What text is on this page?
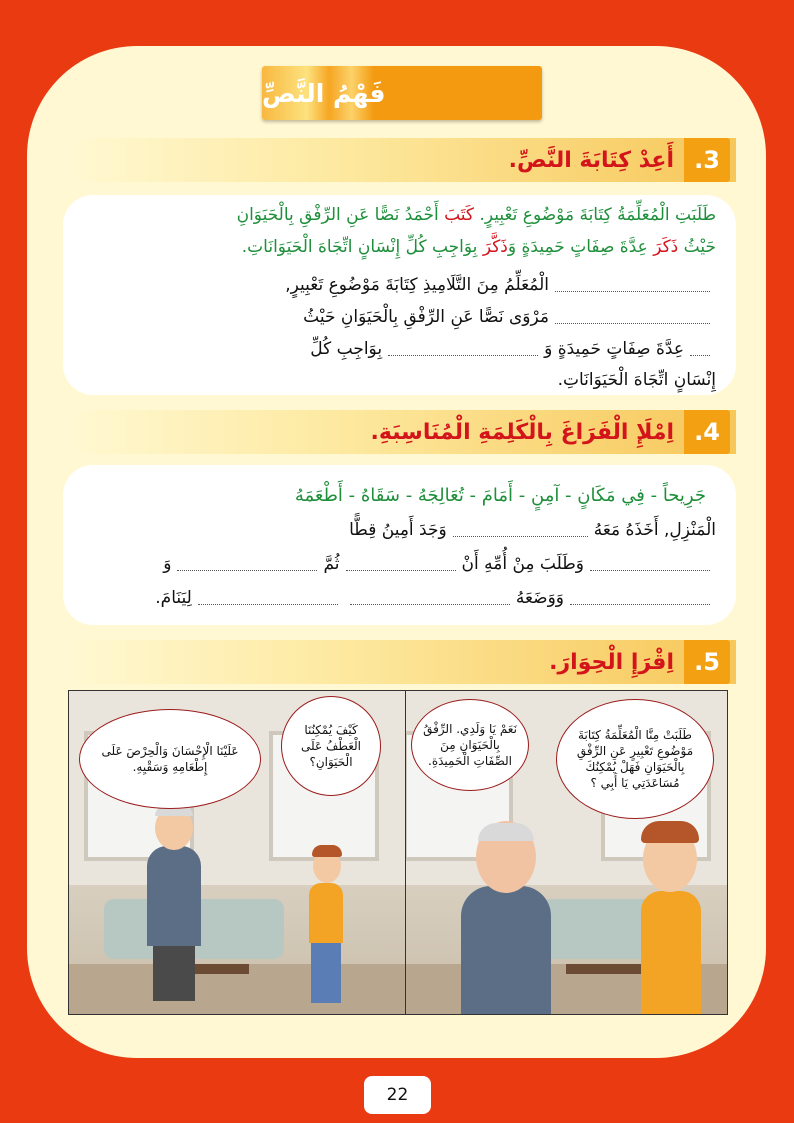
فَهْمُ النَّصِّ
3.
أَعِدْ كِتَابَةَ النَّصِّ.
طَلَبَتِ الْمُعَلِّمَةُ كِتَابَةَ مَوْضُوعِ تَعْبِيرٍ. كَتَبَ أَحْمَدُ نَصًّا عَنِ الرِّفْقِ بِالْحَيَوَانِ
حَيْثُ ذَكَرَ عِدَّةَ صِفَاتٍ حَمِيدَةٍ وَذَكَّرَ بِوَاجِبِ كُلِّ إِنْسَانٍ اتِّجَاهَ الْحَيَوَانَاتِ.
الْمُعَلِّمُ مِنَ التَّلَامِيذِ كِتَابَةَ مَوْضُوعِ تَعْبِيرٍ,
مَرْوَى نَصًّا عَنِ الرِّفْقِ بِالْحَيَوَانِ حَيْثُ
عِدَّةَ صِفَاتٍ حَمِيدَةٍ وَبِوَاجِبِ كُلِّ
إِنْسَانٍ اتِّجَاهَ الْحَيَوَانَاتِ.
4.
اِمْلَإِ الْفَرَاغَ بِالْكَلِمَةِ الْمُنَاسِبَةِ.
جَرِيحاً - فِي مَكَانٍ - آمِنٍ - أَمَامَ - تُعَالِجَهُ - سَقَاهُ - أَطْعَمَهُ
الْمَنْزِلِ, أَخَذَهُ مَعَهُوَجَدَ أَمِينُ قِطًّا
وَطَلَبَ مِنْ أُمِّهِ أَنْثُمَّوَ
وَوَضَعَهُلِيَنَامَ.
5.
اِقْرَإِ الْحِوَارَ.
طَلَبَتْ مِنَّا الْمُعَلِّمَةُ كِتَابَةَ مَوْضُوعِ تَعْبِيرٍ عَنِ الرِّفْقِ بِالْحَيَوَانِ فَهَلْ يُمْكِنُكَ مُسَاعَدَتِي يَا أَبِي ؟
نَعَمْ يَا وَلَدِي. الرِّفْقُ بِالْحَيَوَانِ مِنَ الصِّفَاتِ الْحَمِيدَةِ.
عَلَيْنَا الْإِحْسَانَ وَالْحِرْصَ عَلَى إِطْعَامِهِ وَسَقْيِهِ.
كَيْفَ يُمْكِنُنَا الْعَطْفُ عَلَى الْحَيَوَانِ؟
22
